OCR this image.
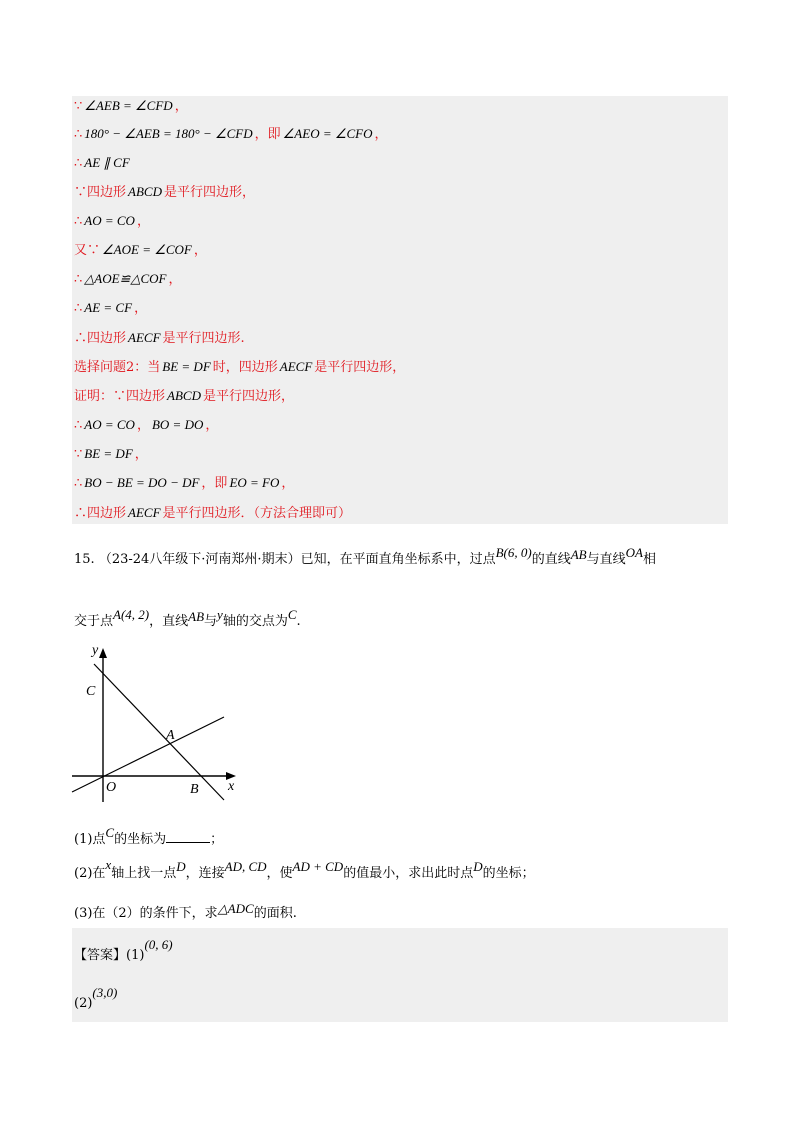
∵ ∠AEB = ∠CFD ，
∴ 180° − ∠AEB = 180° − ∠CFD ，即 ∠AEO = ∠CFO ，
∴ AE ∥ CF
∵四边形 ABCD 是平行四边形，
∴ AO = CO ，
又∵ ∠AOE = ∠COF ，
∴ △AOE≌△COF ，
∴ AE = CF ，
∴四边形 AECF 是平行四边形.
选择问题2：当 BE = DF 时，四边形 AECF 是平行四边形，
证明：∵四边形 ABCD 是平行四边形，
∴ AO = CO ， BO = DO ，
∵ BE = DF ，
∴ BO − BE = DO − DF ，即 EO = FO ，
∴四边形 AECF 是平行四边形．（方法合理即可）
15. （23-24八年级下·河南郑州·期末）已知，在平面直角坐标系中，过点B(6, 0)的直线AB与直线OA相
交于点A(4, 2)，直线AB与y轴的交点为C.
y
x
C
A
O	B
(1)点C的坐标为	；
(2)在x轴上找一点D，连接AD, CD，使AD + CD的值最小，求出此时点D的坐标；
(3)在（2）的条件下，求△ADC的面积.
【答案】(1)(0, 6)
(2)(3,0)
